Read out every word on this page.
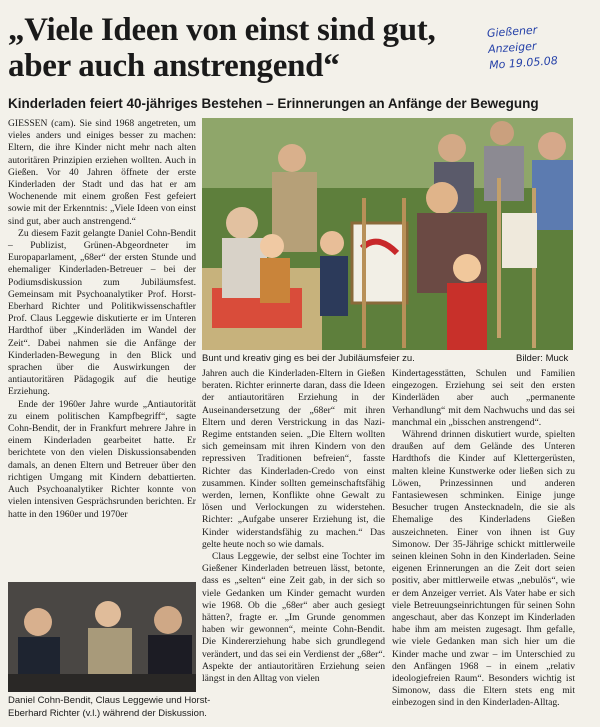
„Viele Ideen von einst sind gut, aber auch anstrengend“
Gießener
Anzeiger
Mo 19.05.08
Kinderladen feiert 40-jähriges Bestehen – Erinnerungen an Anfänge der Bewegung

GIESSEN (cam). Sie sind 1968 angetreten, um vieles anders und einiges besser zu machen: Eltern, die ihre Kinder nicht mehr nach alten autoritären Prinzipien erziehen wollten. Auch in Gießen. Vor 40 Jahren öffnete der erste Kinderladen der Stadt und das hat er am Wochenende mit einem großen Fest gefeiert sowie mit der Erkenntnis: „Viele Ideen von einst sind gut, aber auch anstrengend.“

Zu diesem Fazit gelangte Daniel Cohn-Bendit – Publizist, Grünen-Abgeordneter im Europaparlament, „68er“ der ersten Stunde und ehemaliger Kinderladen-Betreuer – bei der Podiumsdiskussion zum Jubiläumsfest. Gemeinsam mit Psychoanalytiker Prof. Horst-Eberhard Richter und Politikwissenschaftler Prof. Claus Leggewie diskutierte er im Unteren Hardthof über „Kinderläden im Wandel der Zeit“. Dabei nahmen sie die Anfänge der Kinderladen-Bewegung in den Blick und sprachen über die Auswirkungen der antiautoritären Pädagogik auf die heutige Erziehung.

Ende der 1960er Jahre wurde „Antiautorität zu einem politischen Kampfbegriff“, sagte Cohn-Bendit, der in Frankfurt mehrere Jahre in einem Kinderladen gearbeitet hatte. Er berichtete von den vielen Diskussionsabenden damals, an denen Eltern und Betreuer über den richtigen Umgang mit Kindern debattierten. Auch Psychoanalytiker Richter konnte von vielen intensiven Gesprächsrunden berichten. Er hatte in den 1960er und 1970er

Bunt und kreativ ging es bei der Jubiläumsfeier zu.	Bilder: Muck

Jahren auch die Kinderladen-Eltern in Gießen beraten. Richter erinnerte daran, dass die Ideen der antiautoritären Erziehung in der Auseinandersetzung der „68er“ mit ihren Eltern und deren Verstrickung in das Nazi-Regime entstanden seien. „Die Eltern wollten sich gemeinsam mit ihren Kindern von den repressiven Traditionen befreien“, fasste Richter das Kinderladen-Credo von einst zusammen. Kinder sollten gemeinschaftsfähig werden, lernen, Konflikte ohne Gewalt zu lösen und Verlockungen zu widerstehen. Richter: „Aufgabe unserer Erziehung ist, die Kinder widerstandsfähig zu machen.“ Das gelte heute noch so wie damals.

Claus Leggewie, der selbst eine Tochter im Gießener Kinderladen betreuen lässt, betonte, dass es „selten“ eine Zeit gab, in der sich so viele Gedanken um Kinder gemacht wurden wie 1968. Ob die „68er“ aber auch gesiegt hätten?, fragte er. „Im Grunde genommen haben wir gewonnen“, meinte Cohn-Bendit. Die Kindererziehung habe sich grundlegend verändert, und das sei ein Verdienst der „68er“. Aspekte der antiautoritären Erziehung seien längst in den Alltag von vielen

Kindertagesstätten, Schulen und Familien eingezogen. Erziehung sei seit den ersten Kinderläden aber auch „permanente Verhandlung“ mit dem Nachwuchs und das sei manchmal ein „bisschen anstrengend“.

Während drinnen diskutiert wurde, spielten draußen auf dem Gelände des Unteren Hardthofs die Kinder auf Klettergerüsten, malten kleine Kunstwerke oder ließen sich zu Löwen, Prinzessinnen und anderen Fantasiewesen schminken. Einige junge Besucher trugen Anstecknadeln, die sie als Ehemalige des Kinderladens Gießen auszeichneten. Einer von ihnen ist Guy Simonow. Der 35-Jährige schickt mittlerweile seinen kleinen Sohn in den Kinderladen. Seine eigenen Erinnerungen an die Zeit dort seien positiv, aber mittlerweile etwas „nebulös“, wie er dem Anzeiger verriet. Als Vater habe er sich viele Betreuungseinrichtungen für seinen Sohn angeschaut, aber das Konzept im Kinderladen habe ihm am meisten zugesagt. Ihm gefalle, wie viele Gedanken man sich hier um die Kinder mache und zwar – im Unterschied zu den Anfängen 1968 – in einem „relativ ideologiefreien Raum“. Besonders wichtig ist Simonow, dass die Eltern stets eng mit einbezogen sind in den Kinderladen-Alltag.

Daniel Cohn-Bendit, Claus Leggewie und Horst-
Eberhard Richter (v.l.) während der Diskussion.
